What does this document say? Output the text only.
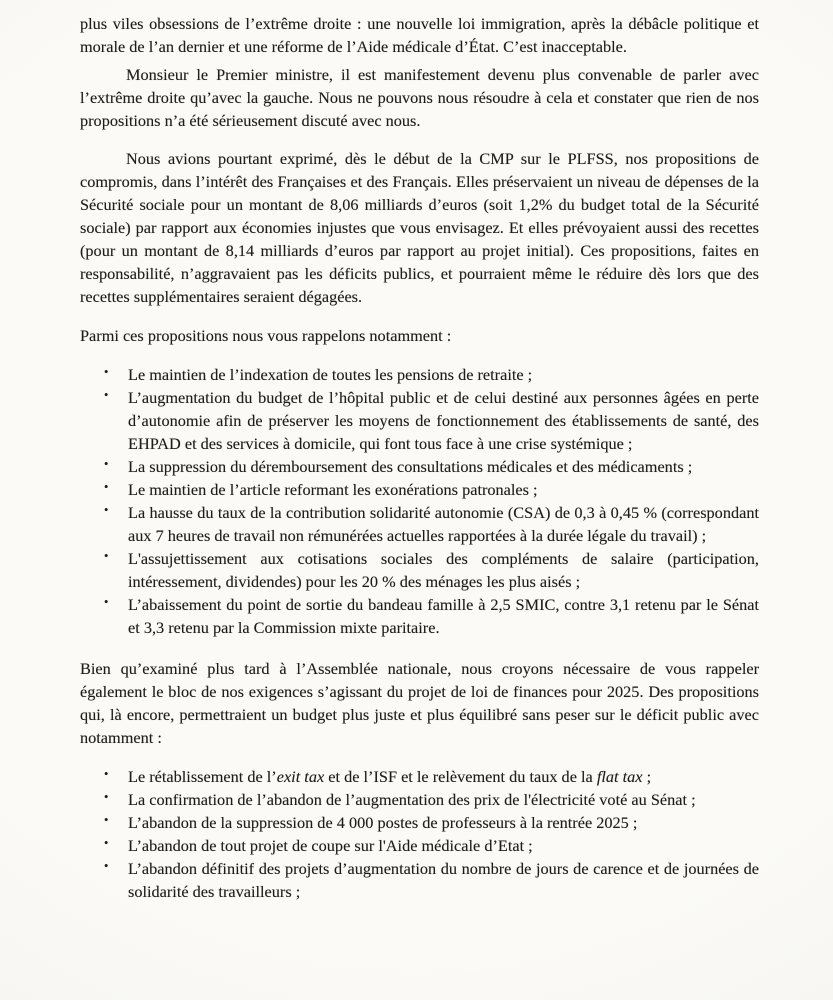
plus viles obsessions de l’extrême droite : une nouvelle loi immigration, après la débâcle politique et morale de l’an dernier et une réforme de l’Aide médicale d’État. C’est inacceptable.

Monsieur le Premier ministre, il est manifestement devenu plus convenable de parler avec l’extrême droite qu’avec la gauche. Nous ne pouvons nous résoudre à cela et constater que rien de nos propositions n’a été sérieusement discuté avec nous.

Nous avions pourtant exprimé, dès le début de la CMP sur le PLFSS, nos propositions de compromis, dans l’intérêt des Françaises et des Français. Elles préservaient un niveau de dépenses de la Sécurité sociale pour un montant de 8,06 milliards d’euros (soit 1,2% du budget total de la Sécurité sociale) par rapport aux économies injustes que vous envisagez. Et elles prévoyaient aussi des recettes (pour un montant de 8,14 milliards d’euros par rapport au projet initial). Ces propositions, faites en responsabilité, n’aggravaient pas les déficits publics, et pourraient même le réduire dès lors que des recettes supplémentaires seraient dégagées.

Parmi ces propositions nous vous rappelons notamment :

• Le maintien de l’indexation de toutes les pensions de retraite ;
• L’augmentation du budget de l’hôpital public et de celui destiné aux personnes âgées en perte d’autonomie afin de préserver les moyens de fonctionnement des établissements de santé, des EHPAD et des services à domicile, qui font tous face à une crise systémique ;
• La suppression du déremboursement des consultations médicales et des médicaments ;
• Le maintien de l’article reformant les exonérations patronales ;
• La hausse du taux de la contribution solidarité autonomie (CSA) de 0,3 à 0,45 % (correspondant aux 7 heures de travail non rémunérées actuelles rapportées à la durée légale du travail) ;
• L'assujettissement aux cotisations sociales des compléments de salaire (participation, intéressement, dividendes) pour les 20 % des ménages les plus aisés ;
• L’abaissement du point de sortie du bandeau famille à 2,5 SMIC, contre 3,1 retenu par le Sénat et 3,3 retenu par la Commission mixte paritaire.

Bien qu’examiné plus tard à l’Assemblée nationale, nous croyons nécessaire de vous rappeler également le bloc de nos exigences s’agissant du projet de loi de finances pour 2025. Des propositions qui, là encore, permettraient un budget plus juste et plus équilibré sans peser sur le déficit public avec notamment :

• Le rétablissement de l’exit tax et de l’ISF et le relèvement du taux de la flat tax ;
• La confirmation de l’abandon de l’augmentation des prix de l'électricité voté au Sénat ;
• L’abandon de la suppression de 4 000 postes de professeurs à la rentrée 2025 ;
• L’abandon de tout projet de coupe sur l'Aide médicale d’Etat ;
• L’abandon définitif des projets d’augmentation du nombre de jours de carence et de journées de solidarité des travailleurs ;
